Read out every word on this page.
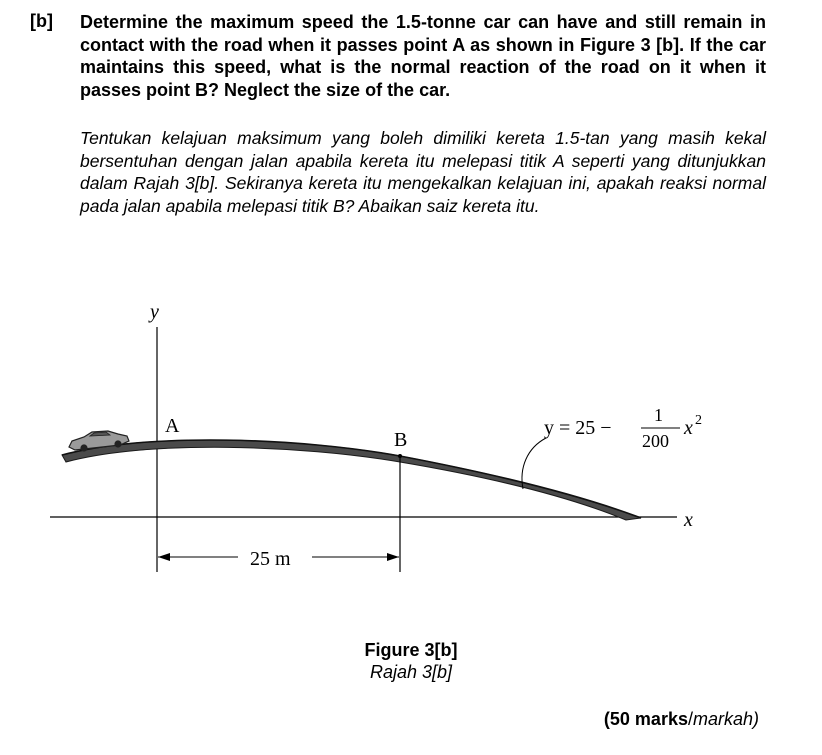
[b] Determine the maximum speed the 1.5-tonne car can have and still remain in contact with the road when it passes point A as shown in Figure 3 [b]. If the car maintains this speed, what is the normal reaction of the road on it when it passes point B? Neglect the size of the car.

Tentukan kelajuan maksimum yang boleh dimiliki kereta 1.5-tan yang masih kekal bersentuhan dengan jalan apabila kereta itu melepasi titik A seperti yang ditunjukkan dalam Rajah 3[b]. Sekiranya kereta itu mengekalkan kelajuan ini, apakah reaksi normal pada jalan apabila melepasi titik B? Abaikan saiz kereta itu.

y
x
A
B
25 m
y = 25 −
1
200
x 2
Figure 3[b]
Rajah 3[b]
(50 marks/markah)
